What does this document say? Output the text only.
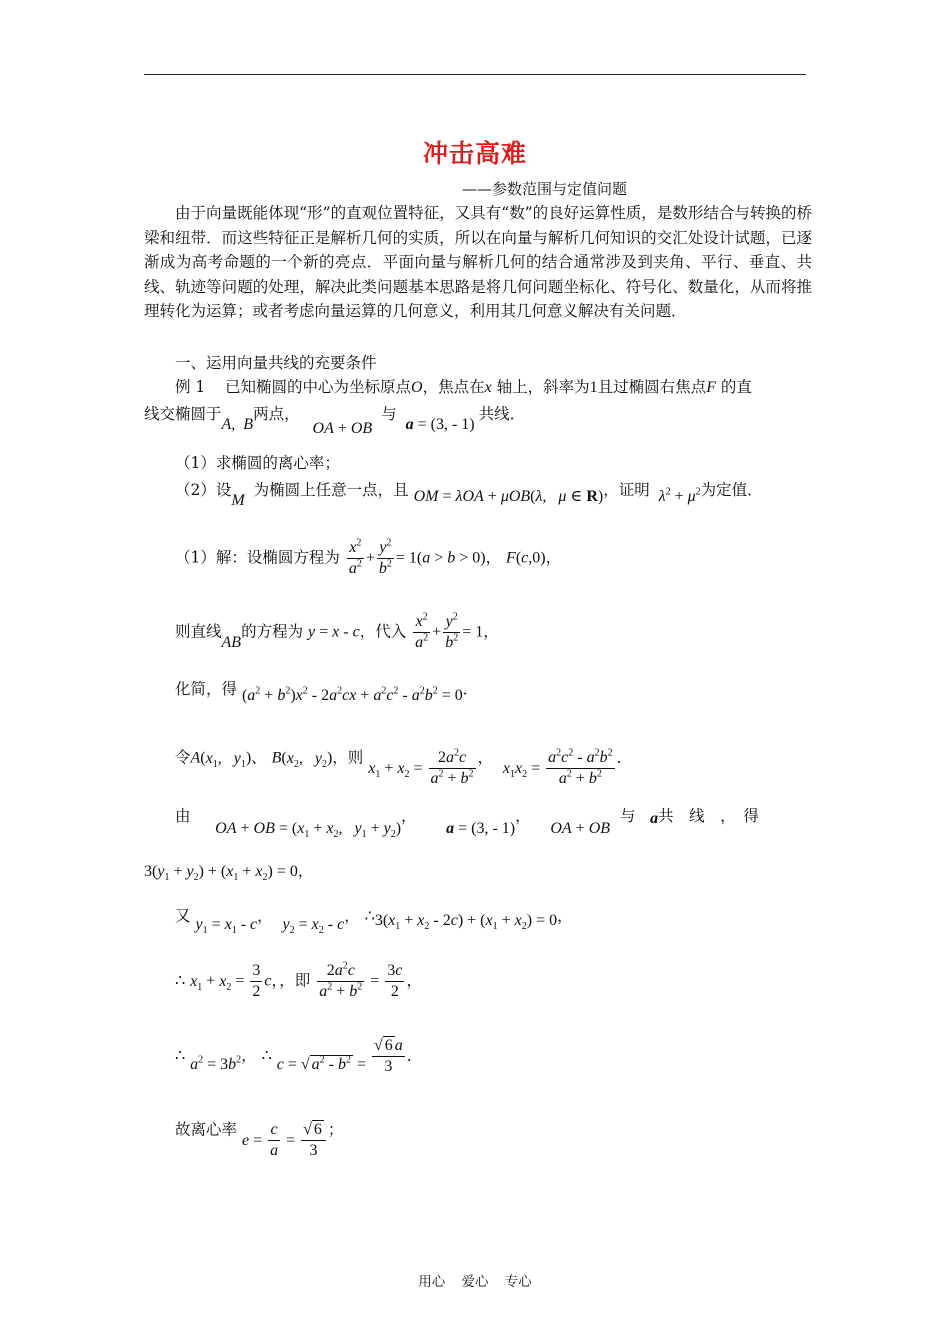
冲击高难
——参数范围与定值问题
由于向量既能体现“形”的直观位置特征，又具有“数”的良好运算性质，是数形结合与转换的桥梁和纽带．而这些特征正是解析几何的实质，所以在向量与解析几何知识的交汇处设计试题，已逐渐成为高考命题的一个新的亮点．平面向量与解析几何的结合通常涉及到夹角、平行、垂直、共线、轨迹等问题的处理，解决此类问题基本思路是将几何问题坐标化、符号化、数量化，从而将推理转化为运算；或者考虑向量运算的几何意义，利用其几何意义解决有关问题．
一、运用向量共线的充要条件
例 1 已知椭圆的中心为坐标原点O，焦点在x 轴上，斜率为1且过椭圆右焦点F 的直
线交椭圆于A,  B两点，   OA + OB  与  a = (3, - 1) 共线．
（1）求椭圆的离心率；
（2）设M  为椭圆上任意一点，且 OM = λOA + μOB(λ,   μ ∈ R)，证明  $\lambda^2 + \mu^2$为定值．
（1）解：设椭圆方程为 $\frac{x^2}{a^2} + \frac{y^2}{b^2} = 1(a > b > 0)$， F(c,0)，
则直线AB的方程为 y = x - c，代入 $\frac{x^2}{a^2} + \frac{y^2}{b^2} = 1$，
化简，得 $(a^2 + b^2)x^2 - 2a^2cx + a^2c^2 - a^2b^2 = 0$．
令$A(x_1$,   $y_1$)、 $B(x_2$,   $y_2$)，则 $x_1 + x_2 = \frac{2a^2c}{a^2 + b^2}$ ，  $x_1x_2 = \frac{a^2c^2 - a^2b^2}{a^2 + b^2}$ ．
由     OA + OB = ($x_1 + x_2$,   $y_1 + y_2$)，      a = (3, - 1)，    OA + OB  与 a共　线　，　得
$3(y_1 + y_2) + (x_1 + x_2) = 0$，
又 $y_1 = x_1 - c$，  $y_2 = x_2 - c$， $\therefore 3(x_1 + x_2 - 2c) + (x_1 + x_2) = 0$，
∴ $x_1 + x_2 = \frac{3}{2}$ c，，即 $\frac{2a^2c}{a^2 + b^2} = \frac{3c}{2}$ ，
∴ $a^2 = 3b^2$， ∴ c = √ $a^2 - b^2 = \frac{√ 6 a}{3}$ ．
故离心率 $e = \frac{c}{a} = \frac{√ 6}{3}$ ；
用心 爱心 专心
